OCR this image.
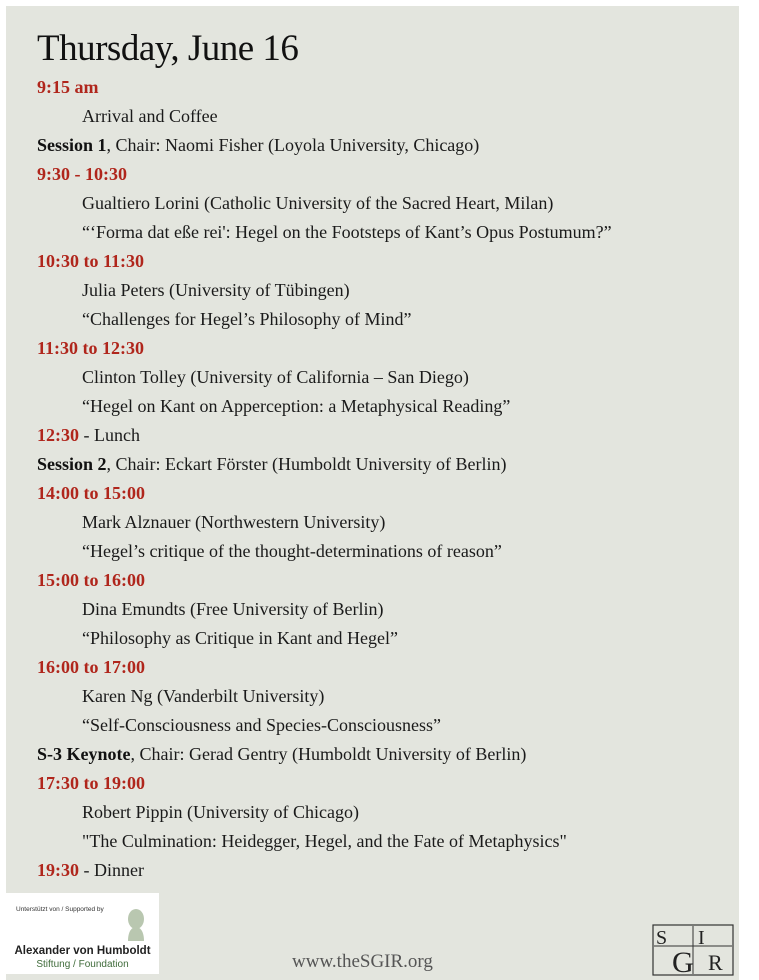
Thursday, June 16
9:15 am
Arrival and Coffee
Session 1, Chair: Naomi Fisher (Loyola University, Chicago)
9:30 - 10:30
Gualtiero Lorini (Catholic University of the Sacred Heart, Milan)
“‘Forma dat eße rei': Hegel on the Footsteps of Kant’s Opus Postumum?”
10:30 to 11:30
Julia Peters (University of Tübingen)
“Challenges for Hegel’s Philosophy of Mind”
11:30 to 12:30
Clinton Tolley (University of California – San Diego)
“Hegel on Kant on Apperception: a Metaphysical Reading”
12:30 - Lunch
Session 2, Chair: Eckart Förster (Humboldt University of Berlin)
14:00 to 15:00
Mark Alznauer (Northwestern University)
“Hegel’s critique of the thought-determinations of reason”
15:00 to 16:00
Dina Emundts (Free University of Berlin)
“Philosophy as Critique in Kant and Hegel”
16:00 to 17:00
Karen Ng (Vanderbilt University)
“Self-Consciousness and Species-Consciousness”
S-3 Keynote, Chair: Gerad Gentry (Humboldt University of Berlin)
17:30 to 19:00
Robert Pippin (University of Chicago)
"The Culmination: Heidegger, Hegel, and the Fate of Metaphysics"
19:30 - Dinner
www.theSGIR.org
S
G
I
R
Unterstützt von / Supported by
Alexander von Humboldt
Stiftung / Foundation
